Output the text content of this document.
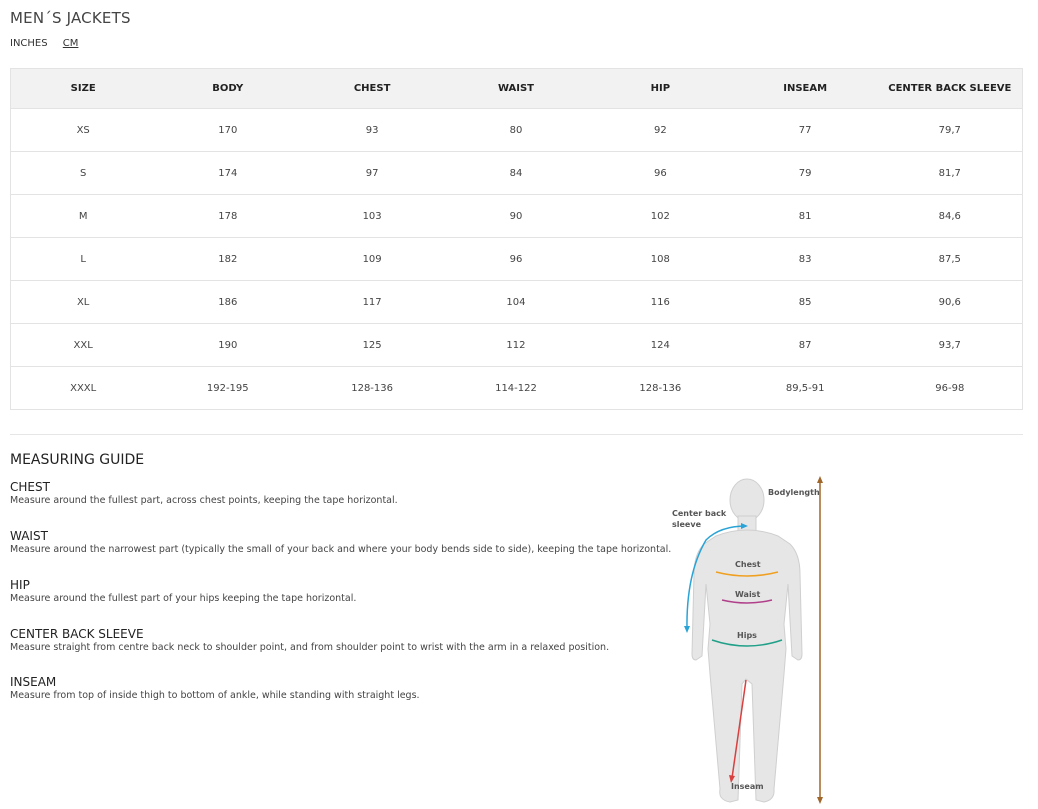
MEN´S JACKETS
INCHES CM
SIZE	BODY	CHEST	WAIST	HIP	INSEAM	CENTER BACK SLEEVE
XS	170	93	80	92	77	79,7
S	174	97	84	96	79	81,7
M	178	103	90	102	81	84,6
L	182	109	96	108	83	87,5
XL	186	117	104	116	85	90,6
XXL	190	125	112	124	87	93,7
XXXL	192-195	128-136	114-122	128-136	89,5-91	96-98
MEASURING GUIDE
CHEST
Measure around the fullest part, across chest points, keeping the tape horizontal.
WAIST
Measure around the narrowest part (typically the small of your back and where your body bends side to side), keeping the tape horizontal.
HIP
Measure around the fullest part of your hips keeping the tape horizontal.
CENTER BACK SLEEVE
Measure straight from centre back neck to shoulder point, and from shoulder point to wrist with the arm in a relaxed position.
INSEAM
Measure from top of inside thigh to bottom of ankle, while standing with straight legs.
Bodylength
Center back
sleeve
Chest
Waist
Hips
Inseam
